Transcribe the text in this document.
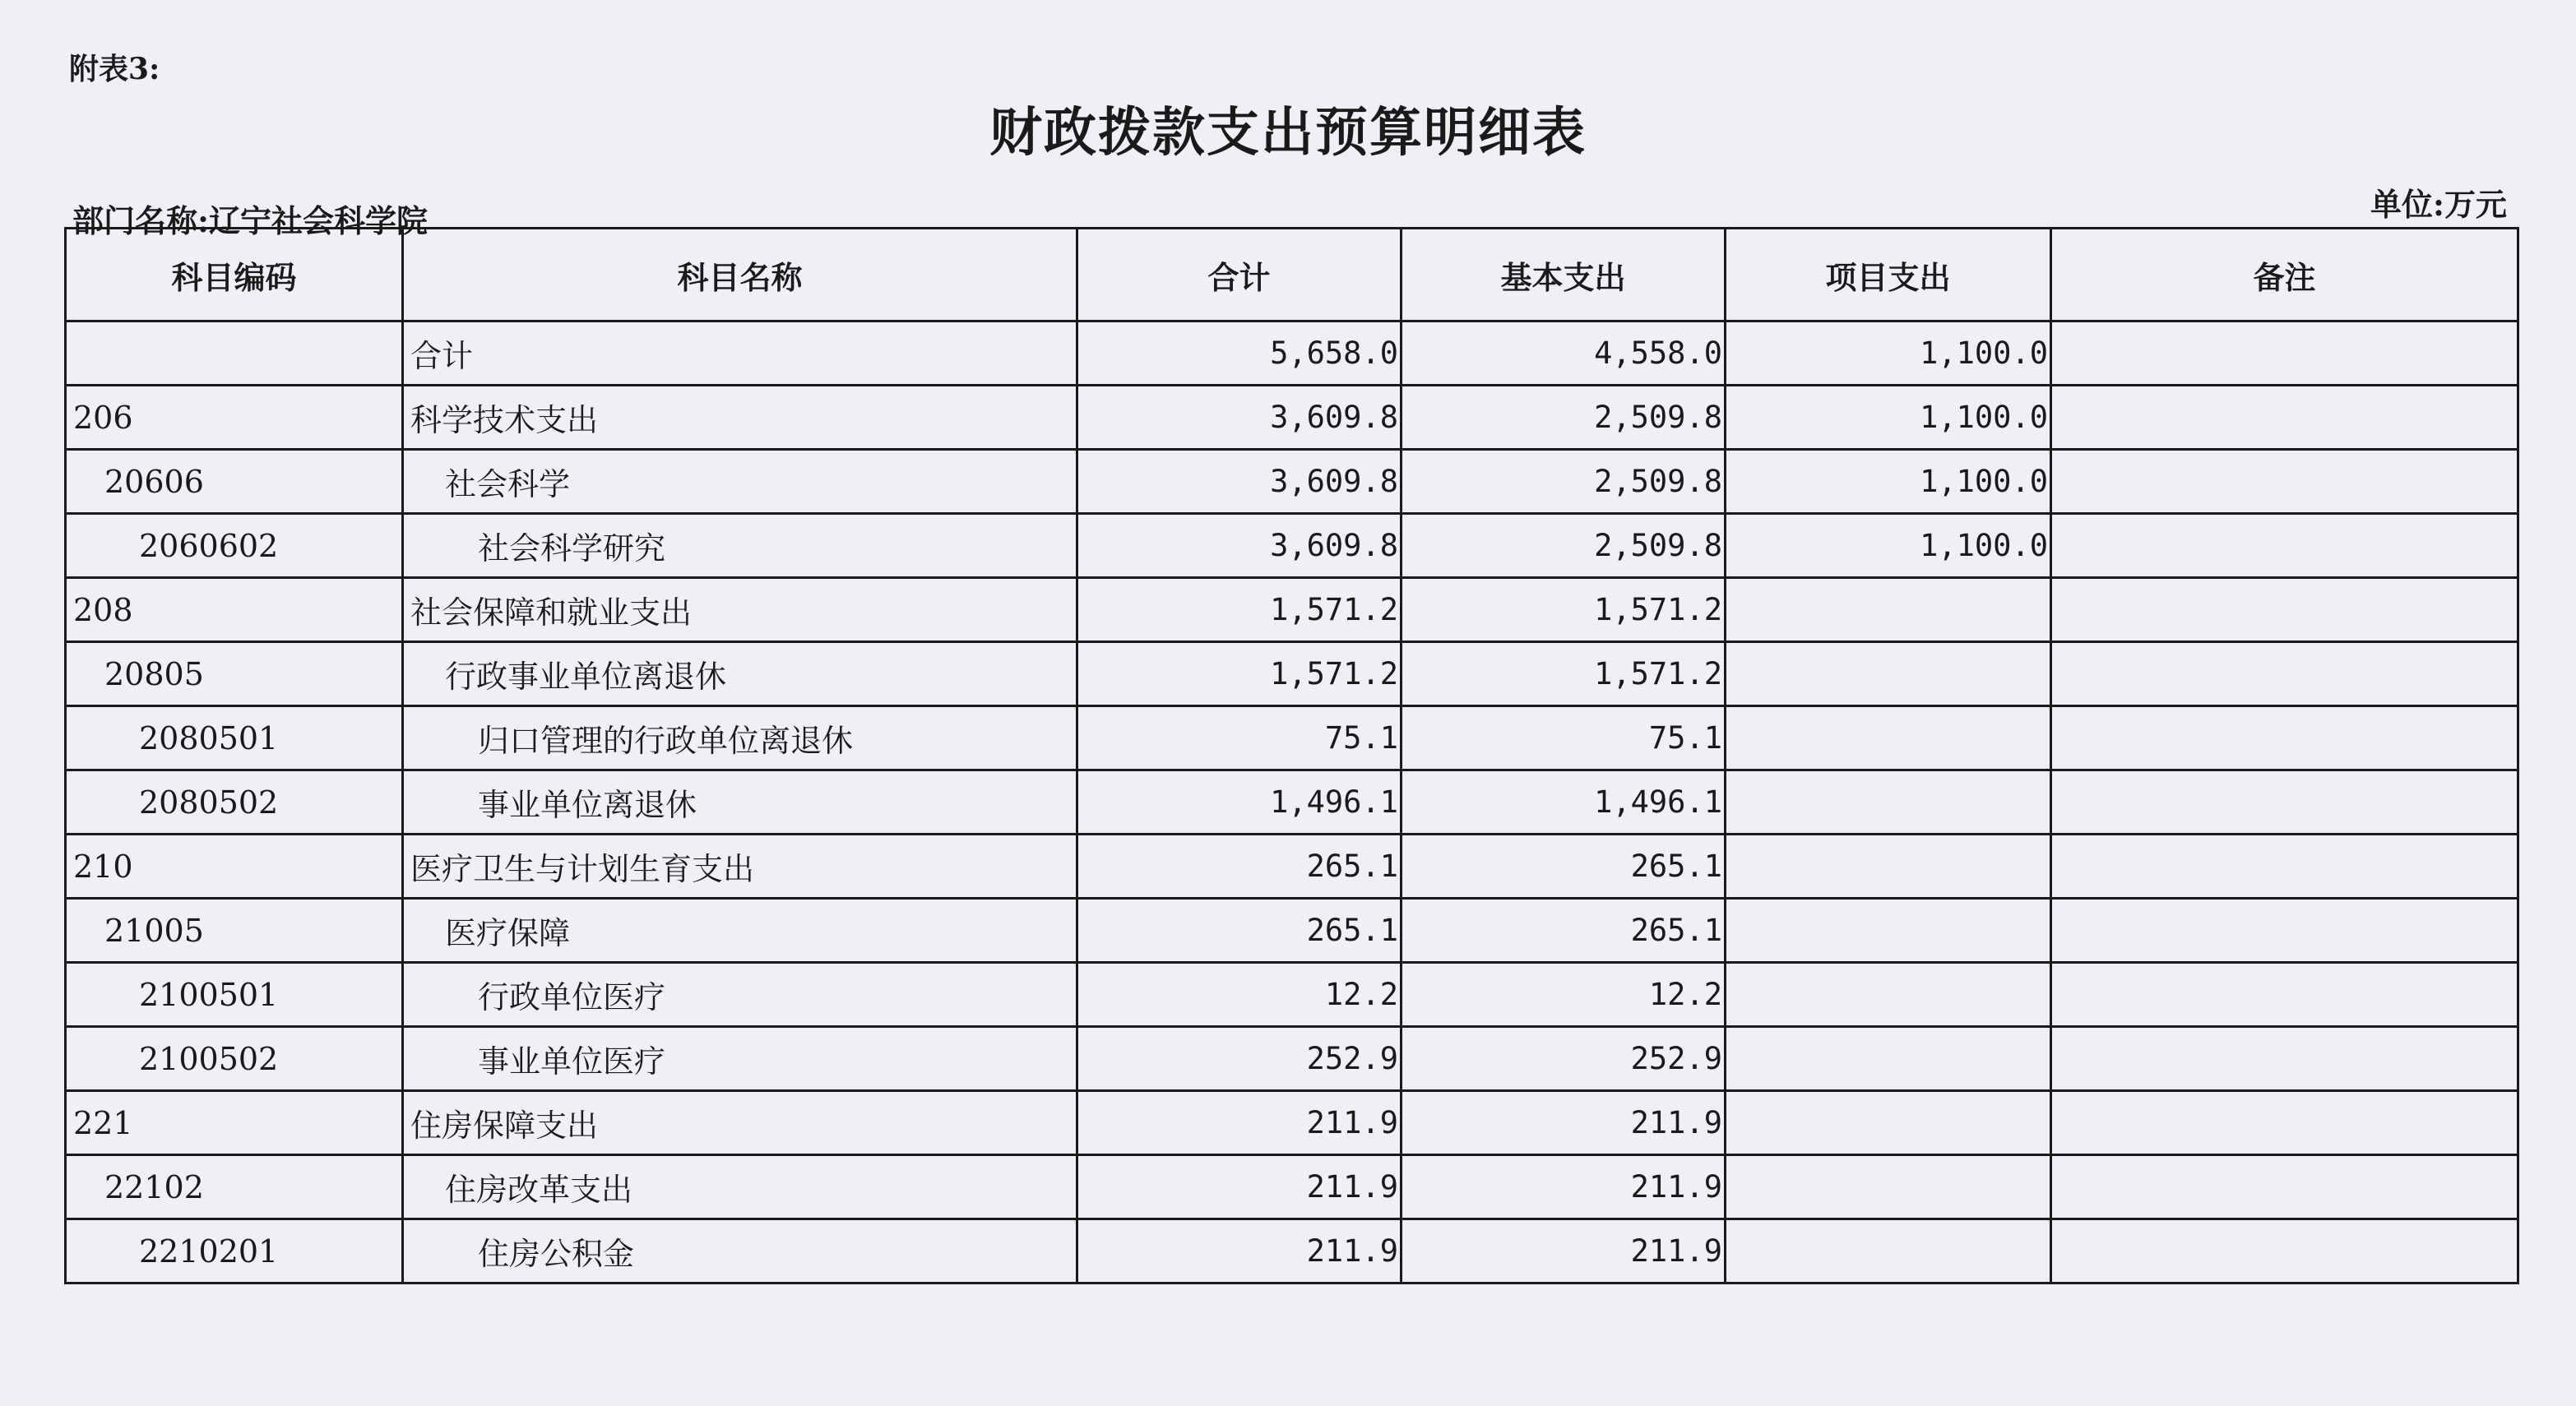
附表3:
财政拨款支出预算明细表
部门名称:辽宁社会科学院	单位:万元
科目编码	科目名称	合计	基本支出	项目支出	备注
	合计	5,658.0	4,558.0	1,100.0	
206	科学技术支出	3,609.8	2,509.8	1,100.0	
20606	社会科学	3,609.8	2,509.8	1,100.0	
2060602	社会科学研究	3,609.8	2,509.8	1,100.0	
208	社会保障和就业支出	1,571.2	1,571.2		
20805	行政事业单位离退休	1,571.2	1,571.2		
2080501	归口管理的行政单位离退休	75.1	75.1		
2080502	事业单位离退休	1,496.1	1,496.1		
210	医疗卫生与计划生育支出	265.1	265.1		
21005	医疗保障	265.1	265.1		
2100501	行政单位医疗	12.2	12.2		
2100502	事业单位医疗	252.9	252.9		
221	住房保障支出	211.9	211.9		
22102	住房改革支出	211.9	211.9		
2210201	住房公积金	211.9	211.9		
